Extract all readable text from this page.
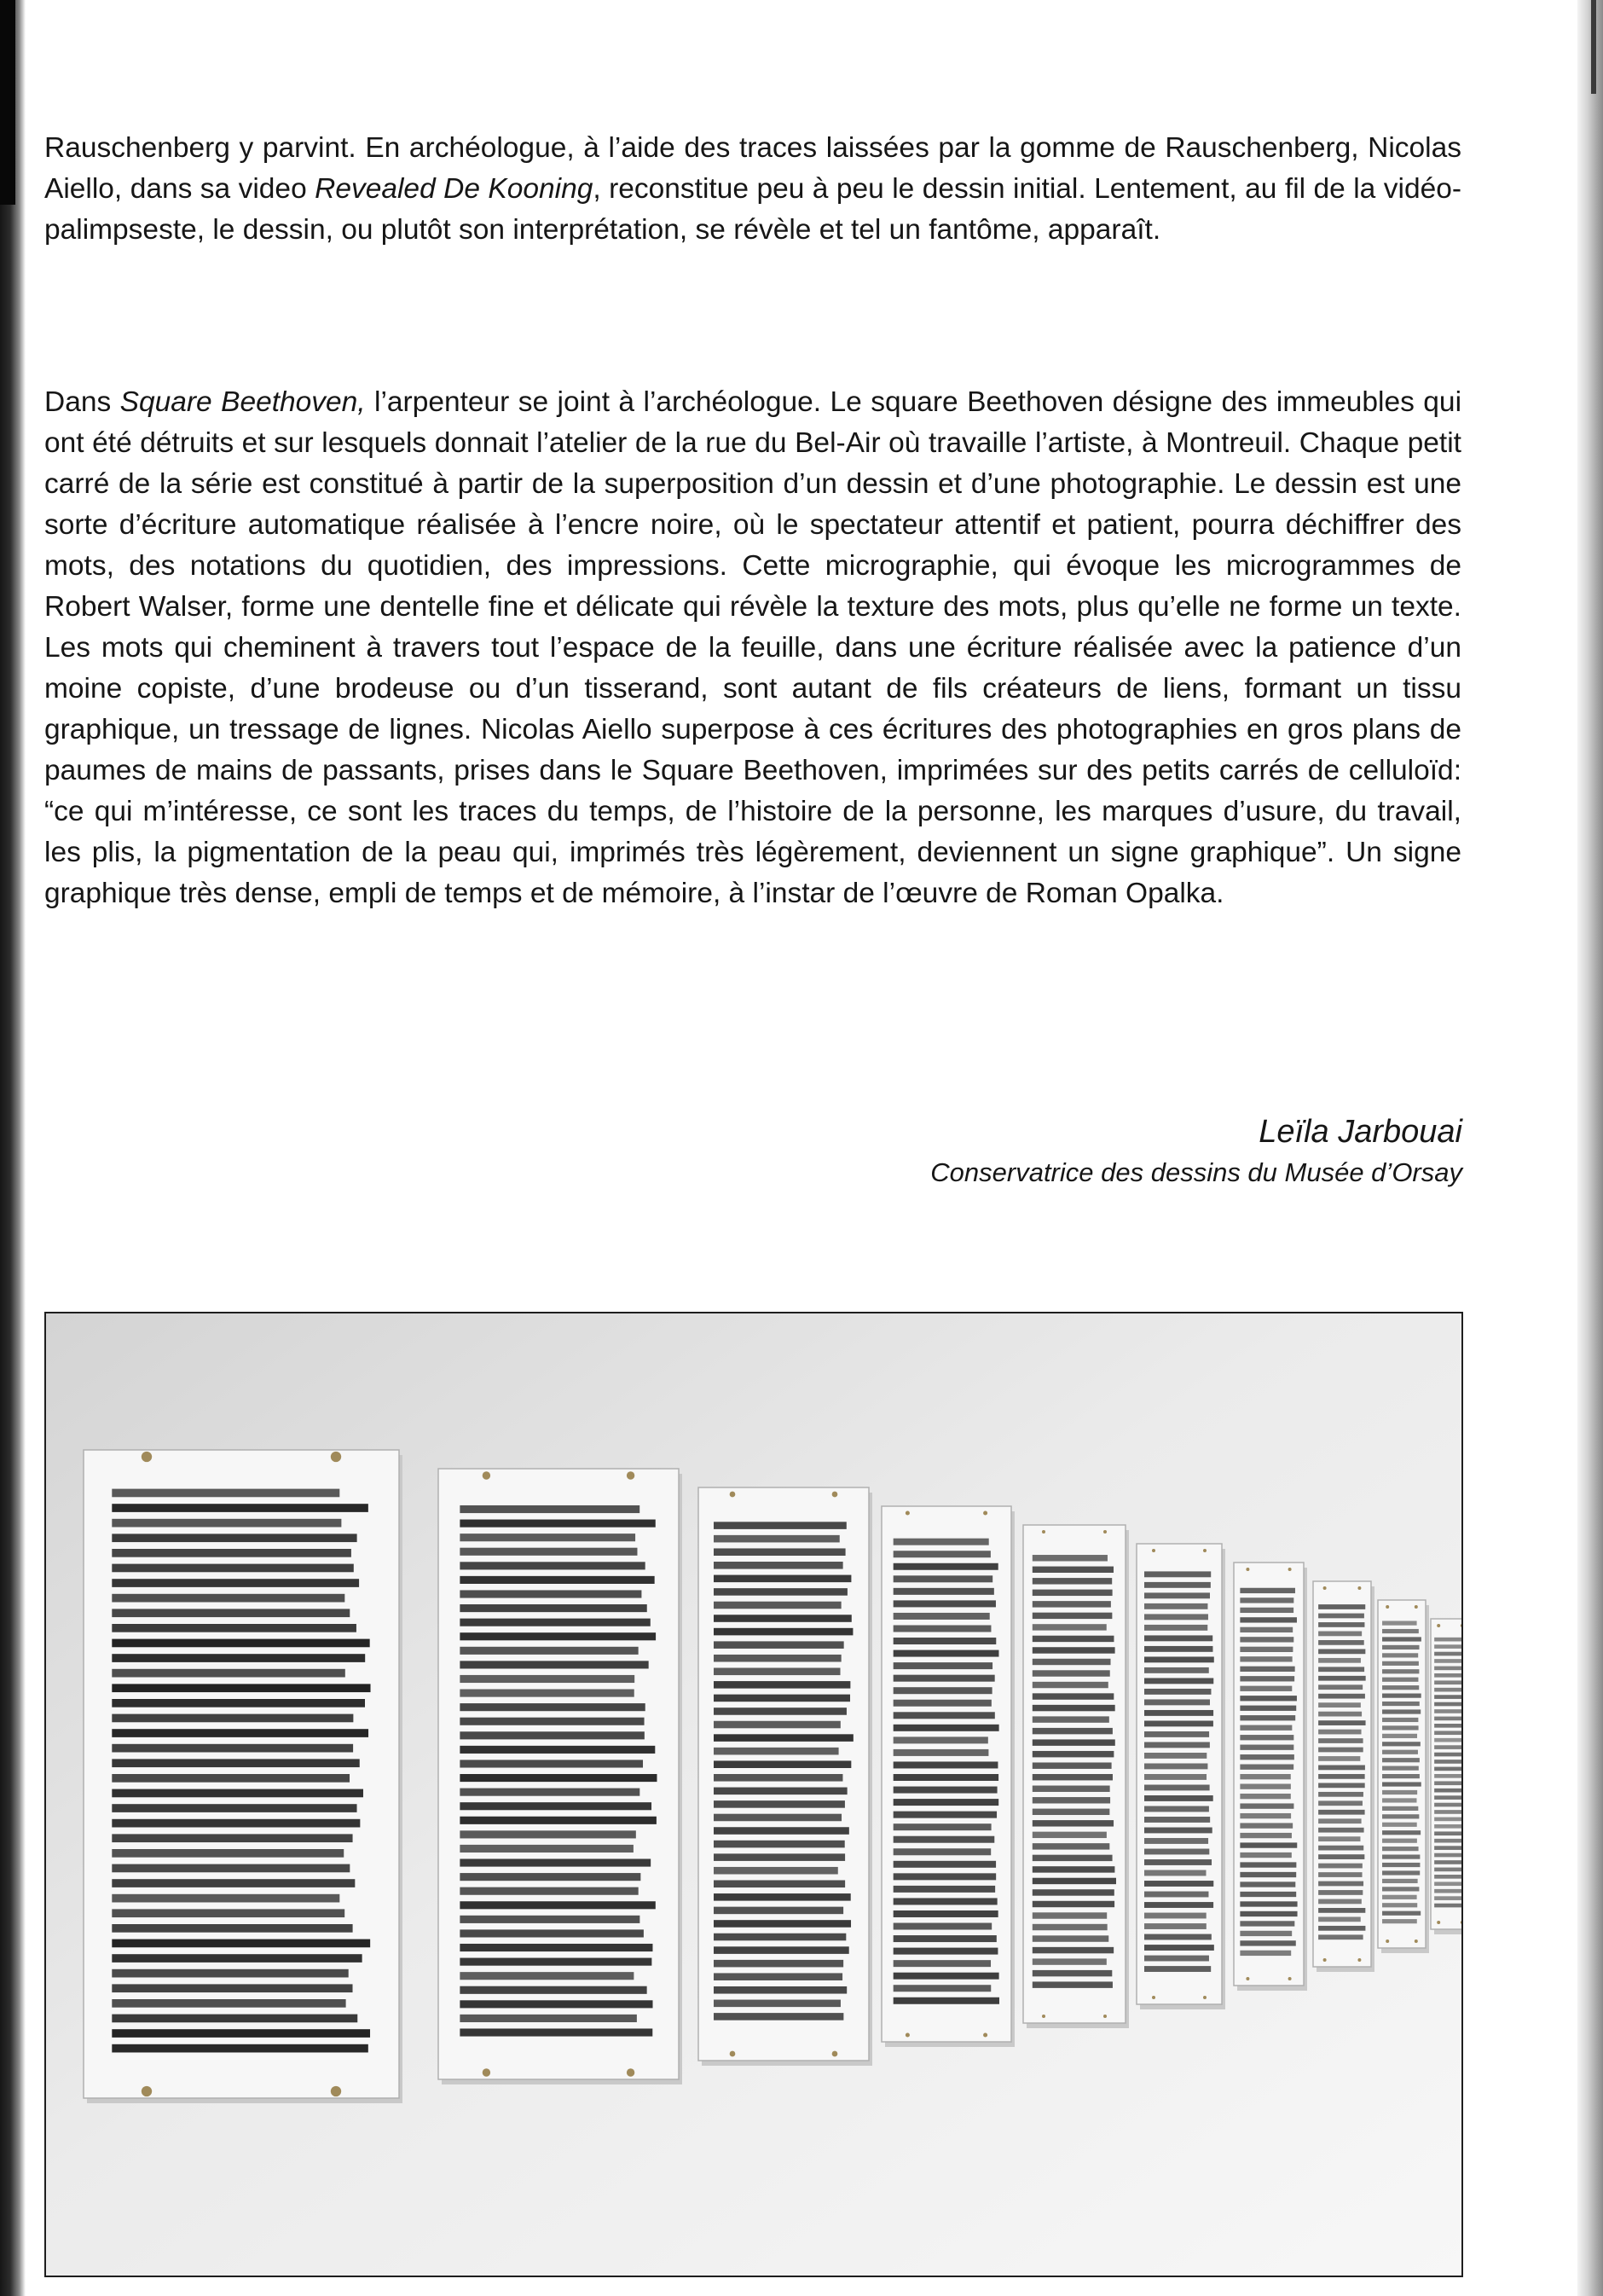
Rauschenberg y parvint. En archéologue, à l’aide des traces laissées par la gomme de Rauschenberg, Nicolas Aiello, dans sa video Revealed De Kooning, reconstitue peu à peu le dessin initial. Lentement, au fil de la vidéo-palimpseste, le dessin, ou plutôt son interprétation, se révèle et tel un fantôme, apparaît.
Dans Square Beethoven, l’arpenteur se joint à l’archéologue. Le square Beethoven désigne des immeubles qui ont été détruits et sur lesquels donnait l’atelier de la rue du Bel-Air où travaille l’artiste, à Montreuil. Chaque petit carré de la série est constitué à partir de la superposition d’un dessin et d’une photographie. Le dessin est une sorte d’écriture automatique réalisée à l’encre noire, où le spectateur attentif et patient, pourra déchiffrer des mots, des notations du quotidien, des impressions. Cette micrographie, qui évoque les microgrammes de Robert Walser, forme une dentelle fine et délicate qui révèle la texture des mots, plus qu’elle ne forme un texte. Les mots qui cheminent à travers tout l’espace de la feuille, dans une écriture réalisée avec la patience d’un moine copiste, d’une brodeuse ou d’un tisserand, sont autant de fils créateurs de liens, formant un tissu graphique, un tressage de lignes. Nicolas Aiello superpose à ces écritures des photographies en gros plans de paumes de mains de passants, prises dans le Square Beethoven, imprimées sur des petits carrés de celluloïd: “ce qui m’intéresse, ce sont les traces du temps, de l’histoire de la personne, les marques d’usure, du travail, les plis, la pigmentation de la peau qui, imprimés très légèrement, deviennent un signe graphique”. Un signe graphique très dense, empli de temps et de mémoire, à l’instar de l’œuvre de Roman Opalka.
Leïla Jarbouai
Conservatrice des dessins du Musée d’Orsay
